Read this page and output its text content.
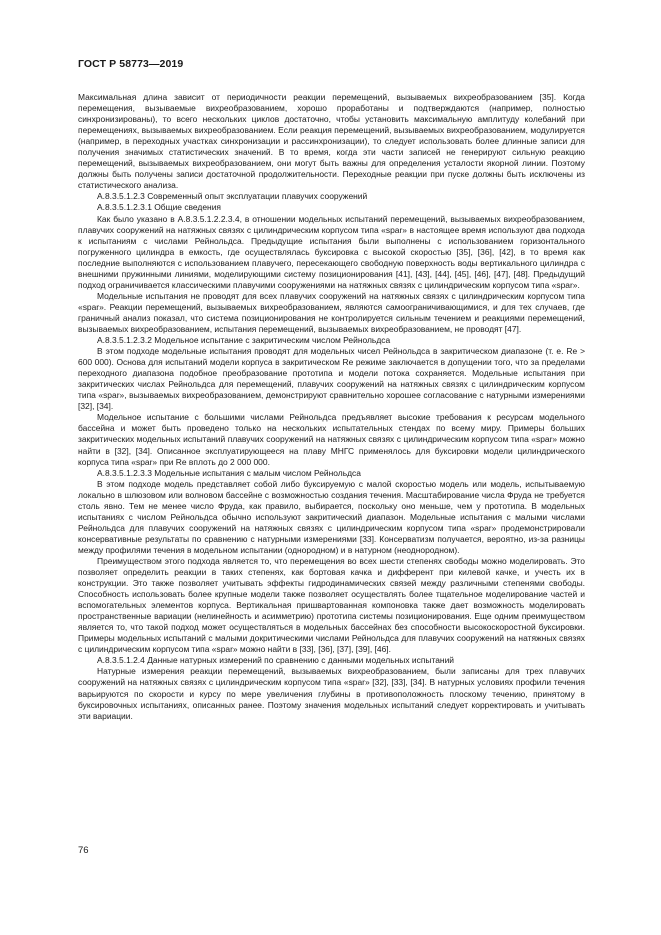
ГОСТ Р 58773—2019

Максимальная длина зависит от периодичности реакции перемещений, вызываемых вихреобразованием [35]. Когда перемещения, вызываемые вихреобразованием, хорошо проработаны и подтверждаются (например, полностью синхронизированы), то всего нескольких циклов достаточно, чтобы установить максимальную амплитуду колебаний при перемещениях, вызываемых вихреобразованием. Если реакция перемещений, вызываемых вихреобразованием, модулируется (например, в переходных участках синхронизации и рассинхронизации), то следует использовать более длинные записи для получения значимых статистических значений. В то время, когда эти части записей не генерируют сильную реакцию перемещений, вызываемых вихреобразованием, они могут быть важны для определения усталости якорной линии. Поэтому должны быть получены записи достаточной продолжительности. Переходные реакции при пуске должны быть исключены из статистического анализа.

А.8.3.5.1.2.3 Современный опыт эксплуатации плавучих сооружений

А.8.3.5.1.2.3.1 Общие сведения

Как было указано в А.8.3.5.1.2.2.3.4, в отношении модельных испытаний перемещений, вызываемых вихреобразованием, плавучих сооружений на натяжных связях с цилиндрическим корпусом типа «spar» в настоящее время используют два подхода к испытаниям с числами Рейнольдса. Предыдущие испытания были выполнены с использованием горизонтального погруженного цилиндра в емкость, где осуществлялась буксировка с высокой скоростью [35], [36], [42], в то время как последние выполняются с использованием плавучего, пересекающего свободную поверхность воды вертикального цилиндра с внешними пружинными линиями, моделирующими систему позиционирования [41], [43], [44], [45], [46], [47], [48]. Предыдущий подход ограничивается классическими плавучими сооружениями на натяжных связях с цилиндрическим корпусом типа «spar».

Модельные испытания не проводят для всех плавучих сооружений на натяжных связях с цилиндрическим корпусом типа «spar». Реакции перемещений, вызываемых вихреобразованием, являются самоограничивающимися, и для тех случаев, где граничный анализ показал, что система позиционирования не контролируется сильным течением и реакциями перемещений, вызываемых вихреобразованием, испытания перемещений, вызываемых вихреобразованием, не проводят [47].

А.8.3.5.1.2.3.2 Модельное испытание с закритическим числом Рейнольдса

В этом подходе модельные испытания проводят для модельных чисел Рейнольдса в закритическом диапазоне (т. е. Re > 600 000). Основа для испытаний модели корпуса в закритическом Re режиме заключается в допущении того, что за пределами переходного диапазона подобное преобразование прототипа и модели потока сохраняется. Модельные испытания при закритических числах Рейнольдса для перемещений, плавучих сооружений на натяжных связях с цилиндрическим корпусом типа «spar», вызываемых вихреобразованием, демонстрируют сравнительно хорошее согласование с натурными измерениями [32], [34].

Модельное испытание с большими числами Рейнольдса предъявляет высокие требования к ресурсам модельного бассейна и может быть проведено только на нескольких испытательных стендах по всему миру. Примеры больших закритических модельных испытаний плавучих сооружений на натяжных связях с цилиндрическим корпусом типа «spar» можно найти в [32], [34]. Описанное эксплуатирующееся на плаву МНГС применялось для буксировки модели цилиндрического корпуса типа «spar» при Re вплоть до 2 000 000.

А.8.3.5.1.2.3.3 Модельные испытания с малым числом Рейнольдса

В этом подходе модель представляет собой либо буксируемую с малой скоростью модель или модель, испытываемую локально в шлюзовом или волновом бассейне с возможностью создания течения. Масштабирование числа Фруда не требуется столь явно. Тем не менее число Фруда, как правило, выбирается, поскольку оно меньше, чем у прототипа. В модельных испытаниях с числом Рейнольдса обычно используют закритический диапазон. Модельные испытания с малыми числами Рейнольдса для плавучих сооружений на натяжных связях с цилиндрическим корпусом типа «spar» продемонстрировали консервативные результаты по сравнению с натурными измерениями [33]. Консерватизм получается, вероятно, из-за разницы между профилями течения в модельном испытании (однородном) и в натурном (неоднородном).

Преимуществом этого подхода является то, что перемещения во всех шести степенях свободы можно моделировать. Это позволяет определить реакции в таких степенях, как бортовая качка и дифферент при килевой качке, и учесть их в конструкции. Это также позволяет учитывать эффекты гидродинамических связей между различными степенями свободы. Способность использовать более крупные модели также позволяет осуществлять более тщательное моделирование частей и вспомогательных элементов корпуса. Вертикальная пришвартованная компоновка также дает возможность моделировать пространственные вариации (нелинейность и асимметрию) прототипа системы позиционирования. Еще одним преимуществом является то, что такой подход может осуществляться в модельных бассейнах без способности высокоскоростной буксировки. Примеры модельных испытаний с малыми докритическими числами Рейнольдса для плавучих сооружений на натяжных связях с цилиндрическим корпусом типа «spar» можно найти в [33], [36], [37], [39], [46].

А.8.3.5.1.2.4 Данные натурных измерений по сравнению с данными модельных испытаний

Натурные измерения реакции перемещений, вызываемых вихреобразованием, были записаны для трех плавучих сооружений на натяжных связях с цилиндрическим корпусом типа «spar» [32], [33], [34]. В натурных условиях профили течения варьируются по скорости и курсу по мере увеличения глубины в противоположность плоскому течению, принятому в буксировочных испытаниях, описанных ранее. Поэтому значения модельных испытаний следует корректировать и учитывать эти вариации.

76
